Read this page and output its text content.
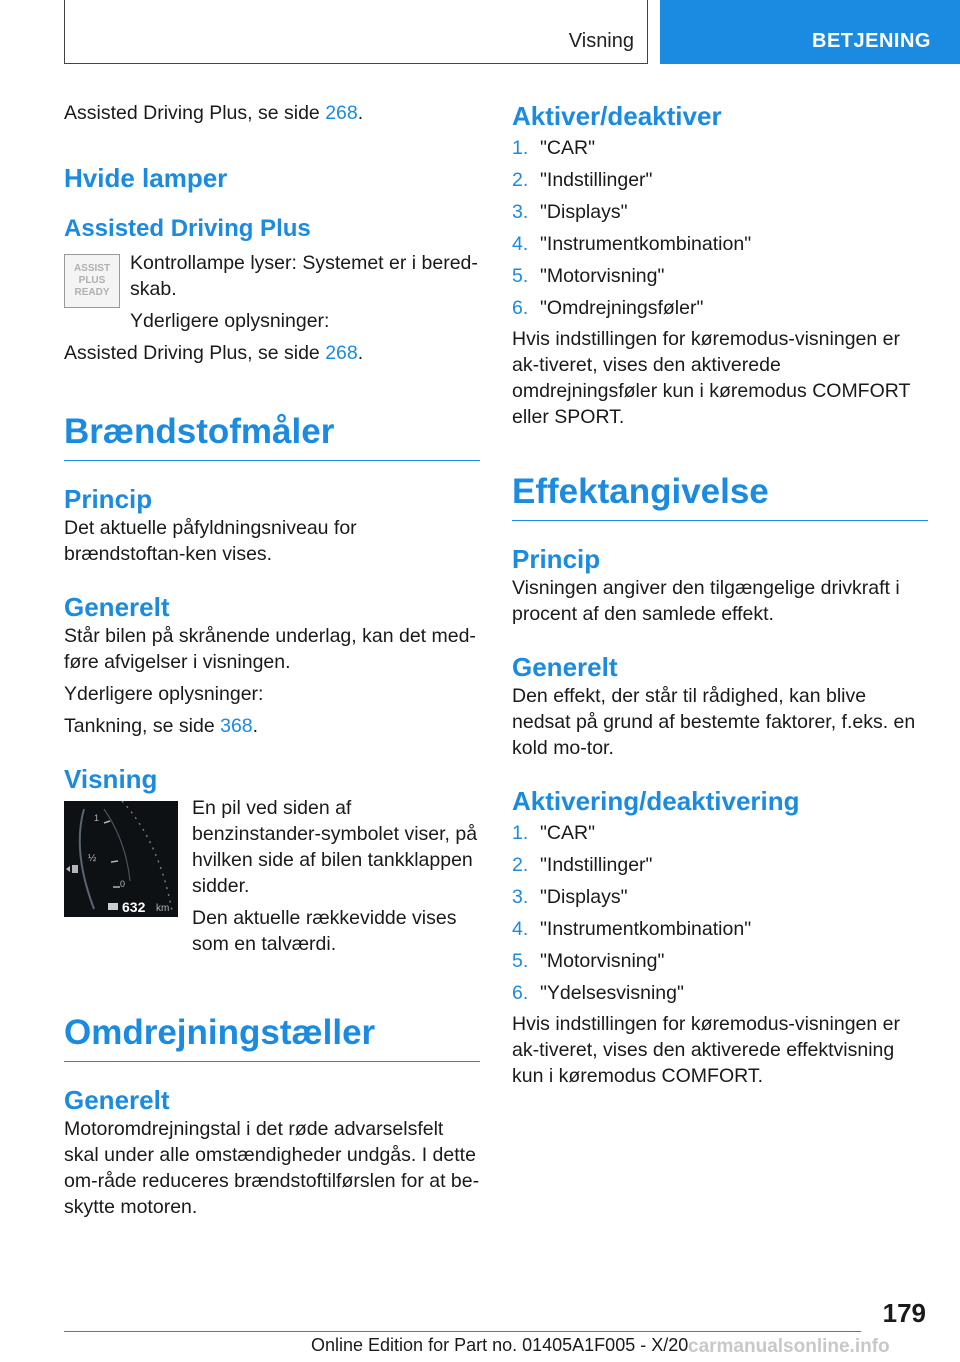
Visning	BETJENING

Assisted Driving Plus, se side 268.

Hvide lamper
Assisted Driving Plus
ASSIST
PLUS
READY

Kontrollampe lyser: Systemet er i bered-skab.

Yderligere oplysninger:

Assisted Driving Plus, se side 268.

Brændstofmåler
Princip

Det aktuelle påfyldningsniveau for brændstoftan-ken vises.

Generelt

Står bilen på skrånende underlag, kan det med-føre afvigelser i visningen.

Yderligere oplysninger:

Tankning, se side 368.

Visning
1
½
0
632 km

En pil ved siden af benzinstander-symbolet viser, på hvilken side af bilen tankklappen sidder.

Den aktuelle rækkevidde vises som en talværdi.

Omdrejningstæller
Generelt

Motoromdrejningstal i det røde advarselsfelt skal under alle omstændigheder undgås. I dette om-råde reduceres brændstoftilførslen for at be-skytte motoren.

Aktiver/deaktiver
1. "CAR"
2. "Indstillinger"
3. "Displays"
4. "Instrumentkombination"
5. "Motorvisning"
6. "Omdrejningsføler"

Hvis indstillingen for køremodus-visningen er ak-tiveret, vises den aktiverede omdrejningsføler kun i køremodus COMFORT eller SPORT.

Effektangivelse
Princip

Visningen angiver den tilgængelige drivkraft i procent af den samlede effekt.

Generelt

Den effekt, der står til rådighed, kan blive nedsat på grund af bestemte faktorer, f.eks. en kold mo-tor.

Aktivering/deaktivering
1. "CAR"
2. "Indstillinger"
3. "Displays"
4. "Instrumentkombination"
5. "Motorvisning"
6. "Ydelsesvisning"

Hvis indstillingen for køremodus-visningen er ak-tiveret, vises den aktiverede effektvisning kun i køremodus COMFORT.

179
Online Edition for Part no. 01405A1F005 - X/20 carmanualsonline.info
